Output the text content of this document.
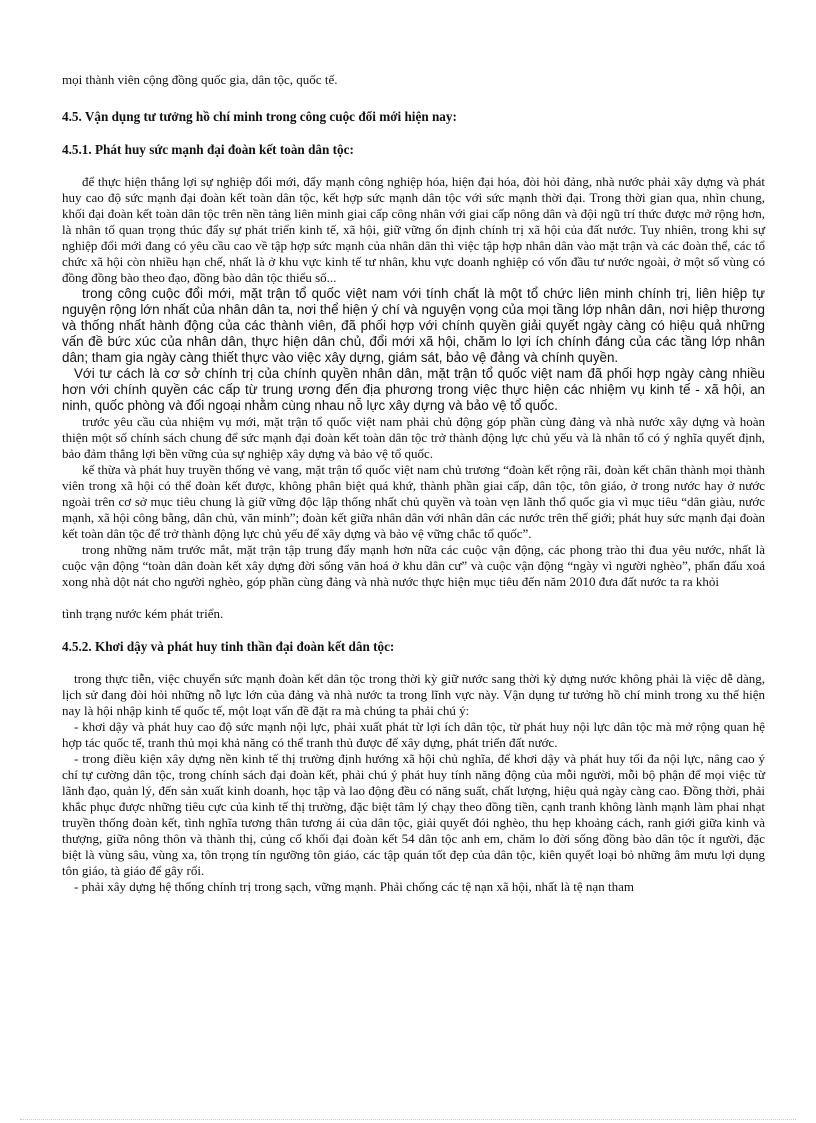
mọi thành viên cộng đồng quốc gia, dân tộc, quốc tế.

4.5. Vận dụng tư tưởng hồ chí minh trong công cuộc đổi mới hiện nay:

4.5.1. Phát huy sức mạnh đại đoàn kết toàn dân tộc:

để thực hiện thắng lợi sự nghiệp đổi mới, đẩy mạnh công nghiệp hóa, hiện đại hóa, đòi hỏi đảng, nhà nước phải xây dựng và phát huy cao độ sức mạnh đại đoàn kết toàn dân tộc, kết hợp sức mạnh dân tộc với sức mạnh thời đại. Trong thời gian qua, nhìn chung, khối đại đoàn kết toàn dân tộc trên nền tảng liên minh giai cấp công nhân với giai cấp nông dân và đội ngũ trí thức được mở rộng hơn, là nhân tố quan trọng thúc đẩy sự phát triển kinh tế, xã hội, giữ vững ổn định chính trị xã hội của đất nước. Tuy nhiên, trong khi sự nghiệp đổi mới đang có yêu cầu cao về tập hợp sức mạnh của nhân dân thì việc tập hợp nhân dân vào mặt trận và các đoàn thể, các tổ chức xã hội còn nhiều hạn chế, nhất là ở khu vực kinh tế tư nhân, khu vực doanh nghiệp có vốn đầu tư nước ngoài, ở một số vùng có đồng đồng bào theo đạo, đồng bào dân tộc thiểu số...

trong công cuộc đổi mới, mặt trận tổ quốc việt nam với tính chất là một tổ chức liên minh chính trị, liên hiệp tự nguyện rộng lớn nhất của nhân dân ta, nơi thể hiện ý chí và nguyện vọng của mọi tầng lớp nhân dân, nơi hiệp thương và thống nhất hành động của các thành viên, đã phối hợp với chính quyền giải quyết ngày càng có hiệu quả những vấn đề bức xúc của nhân dân, thực hiện dân chủ, đổi mới xã hội, chăm lo lợi ích chính đáng của các tầng lớp nhân dân; tham gia ngày càng thiết thực vào việc xây dựng, giám sát, bảo vệ đảng và chính quyền.

Với tư cách là cơ sở chính trị của chính quyền nhân dân, mặt trận tổ quốc việt nam đã phối hợp ngày càng nhiều hơn với chính quyền các cấp từ trung ương đến địa phương trong việc thực hiện các nhiệm vụ kinh tế - xã hội, an ninh, quốc phòng và đối ngoại nhằm cùng nhau nỗ lực xây dựng và bảo vệ tổ quốc.

trước yêu cầu của nhiệm vụ mới, mặt trận tổ quốc việt nam phải chủ động góp phần cùng đảng và nhà nước xây dựng và hoàn thiện một số chính sách chung để sức mạnh đại đoàn kết toàn dân tộc trở thành động lực chủ yếu và là nhân tố có ý nghĩa quyết định, bảo đảm thắng lợi bền vững của sự nghiệp xây dựng và bảo vệ tổ quốc.

kế thừa và phát huy truyền thống vẻ vang, mặt trận tổ quốc việt nam chủ trương “đoàn kết rộng rãi, đoàn kết chân thành mọi thành viên trong xã hội có thể đoàn kết được, không phân biệt quá khứ, thành phần giai cấp, dân tộc, tôn giáo, ở trong nước hay ở nước ngoài trên cơ sở mục tiêu chung là giữ vững độc lập thống nhất chủ quyền và toàn vẹn lãnh thổ quốc gia vì mục tiêu “dân giàu, nước mạnh, xã hội công bằng, dân chủ, văn minh”; đoàn kết giữa nhân dân với nhân dân các nước trên thế giới; phát huy sức mạnh đại đoàn kết toàn dân tộc để trở thành động lực chủ yếu để xây dựng và bảo vệ vững chắc tổ quốc”.

trong những năm trước mắt, mặt trận tập trung đẩy mạnh hơn nữa các cuộc vận động, các phong trào thi đua yêu nước, nhất là cuộc vận động “toàn dân đoàn kết xây dựng đời sống văn hoá ở khu dân cư” và cuộc vận động “ngày vì người nghèo”, phấn đấu xoá xong nhà dột nát cho người nghèo, góp phần cùng đảng và nhà nước thực hiện mục tiêu đến năm 2010 đưa đất nước ta ra khỏi

tình trạng nước kém phát triển.

4.5.2. Khơi dậy và phát huy tinh thần đại đoàn kết dân tộc:

trong thực tiễn, việc chuyển sức mạnh đoàn kết dân tộc trong thời kỳ giữ nước sang thời kỳ dựng nước không phải là việc dễ dàng, lịch sử đang đòi hỏi những nỗ lực lớn của đảng và nhà nước ta trong lĩnh vực này. Vận dụng tư tưởng hồ chí minh trong xu thế hiện nay là hội nhập kinh tế quốc tế, một loạt vấn đề đặt ra mà chúng ta phải chú ý:

- khơi dậy và phát huy cao độ sức mạnh nội lực, phải xuất phát từ lợi ích dân tộc, từ phát huy nội lực dân tộc mà mở rộng quan hệ hợp tác quốc tế, tranh thủ mọi khả năng có thể tranh thủ được để xây dựng, phát triển đất nước.

- trong điều kiện xây dựng nền kinh tế thị trường định hướng xã hội chủ nghĩa, để khơi dậy và phát huy tối đa nội lực, nâng cao ý chí tự cường dân tộc, trong chính sách đại đoàn kết, phải chú ý phát huy tính năng động của mỗi người, mỗi bộ phận để mọi việc từ lãnh đạo, quản lý, đến sản xuất kinh doanh, học tập và lao động đều có năng suất, chất lượng, hiệu quả ngày càng cao. Đồng thời, phải khắc phục được những tiêu cực của kinh tế thị trường, đặc biệt tâm lý chạy theo đồng tiền, cạnh tranh không lành mạnh làm phai nhạt truyền thống đoàn kết, tình nghĩa tương thân tương ái của dân tộc, giải quyết đói nghèo, thu hẹp khoảng cách, ranh giới giữa kinh và thượng, giữa nông thôn và thành thị, củng cố khối đại đoàn kết 54 dân tộc anh em, chăm lo đời sống đồng bào dân tộc ít người, đặc biệt là vùng sâu, vùng xa, tôn trọng tín ngưỡng tôn giáo, các tập quán tốt đẹp của dân tộc, kiên quyết loại bỏ những âm mưu lợi dụng tôn giáo, tà giáo để gây rối.

- phải xây dựng hệ thống chính trị trong sạch, vững mạnh. Phải chống các tệ nạn xã hội, nhất là tệ nạn tham
